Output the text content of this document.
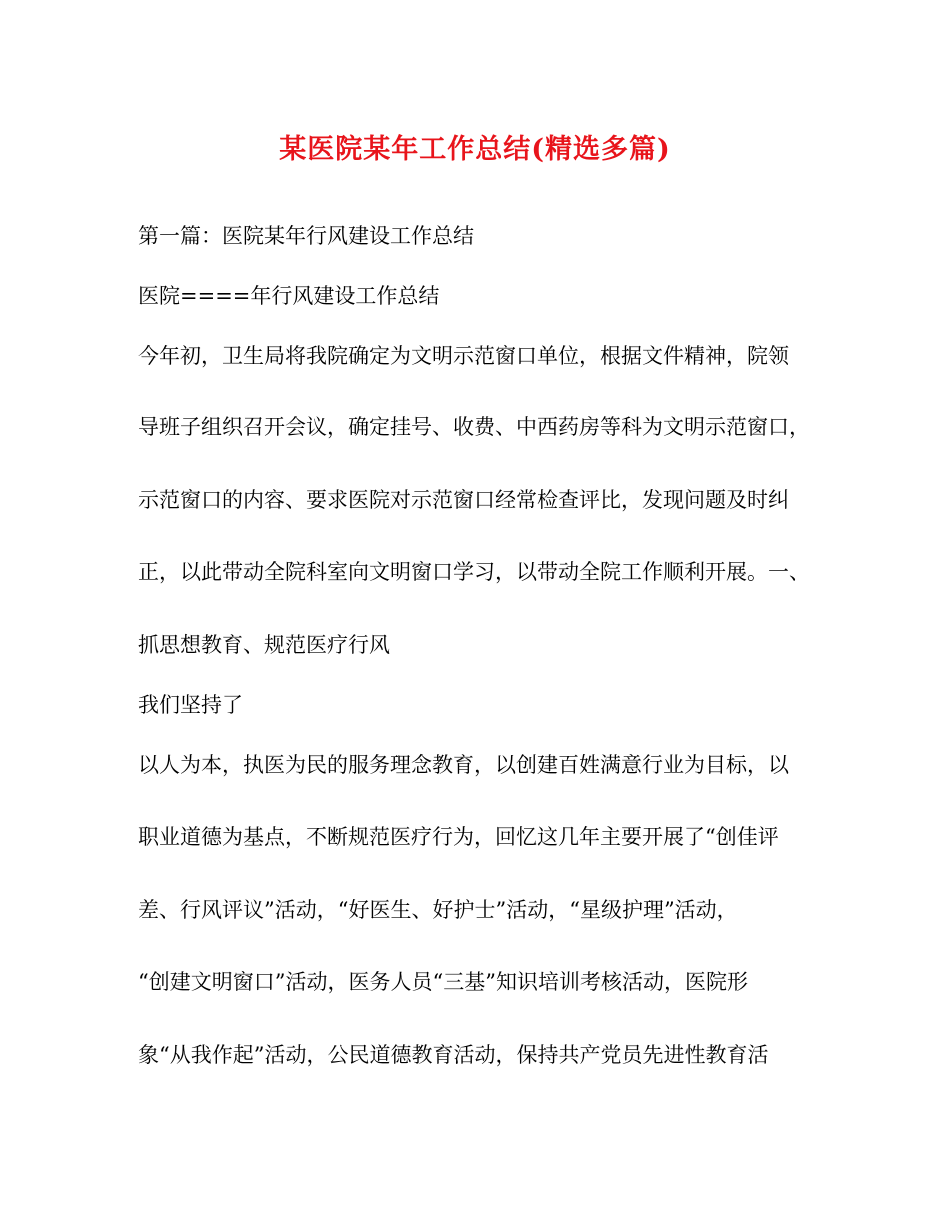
某医院某年工作总结(精选多篇)

第一篇：医院某年行风建设工作总结

医院====年行风建设工作总结

今年初，卫生局将我院确定为文明示范窗口单位，根据文件精神，院领

导班子组织召开会议，确定挂号、收费、中西药房等科为文明示范窗口，

示范窗口的内容、要求医院对示范窗口经常检查评比，发现问题及时纠

正，以此带动全院科室向文明窗口学习，以带动全院工作顺利开展。一、

抓思想教育、规范医疗行风

我们坚持了

以人为本，执医为民的服务理念教育，以创建百姓满意行业为目标，以

职业道德为基点，不断规范医疗行为，回忆这几年主要开展了“创佳评

差、行风评议”活动，“好医生、好护士”活动，“星级护理”活动，

“创建文明窗口”活动，医务人员“三基”知识培训考核活动，医院形

象“从我作起”活动，公民道德教育活动，保持共产党员先进性教育活
